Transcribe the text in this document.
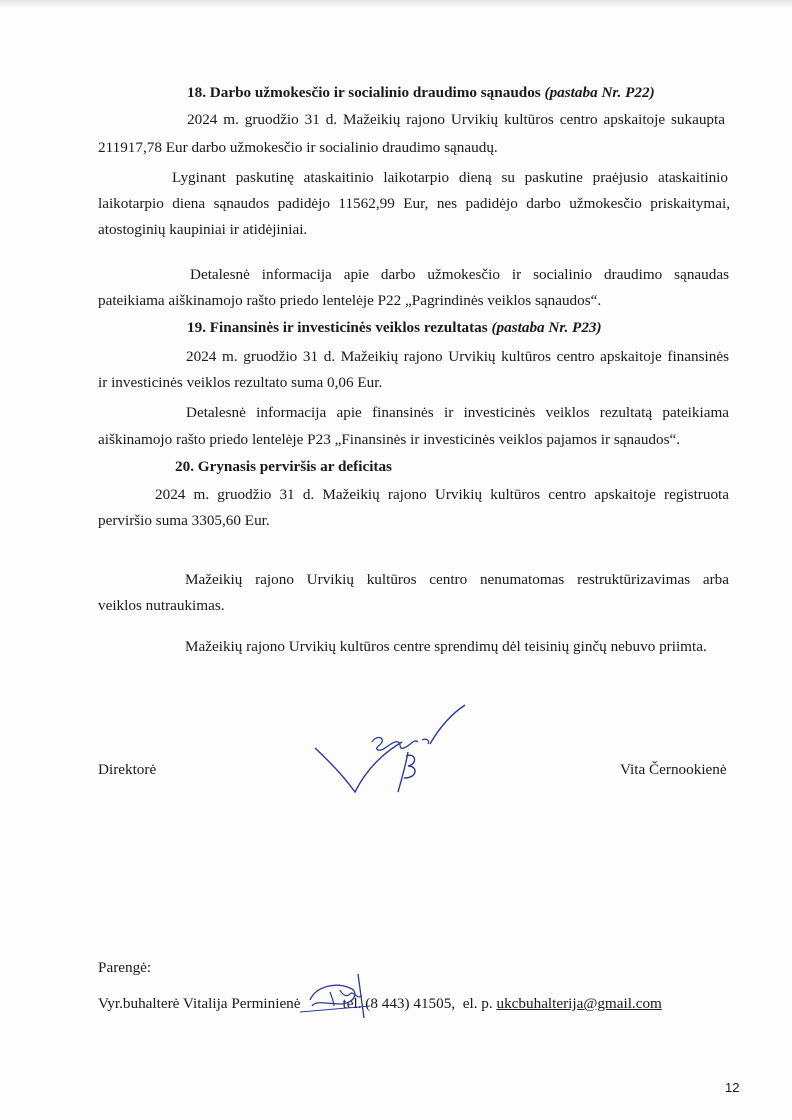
18. Darbo užmokesčio ir socialinio draudimo sąnaudos (pastaba Nr. P22)

2024 m. gruodžio 31 d. Mažeikių rajono Urvikių kultūros centro apskaitoje sukaupta

211917,78 Eur darbo užmokesčio ir socialinio draudimo sąnaudų.

Lyginant paskutinę ataskaitinio laikotarpio dieną su paskutine praėjusio ataskaitinio

laikotarpio diena sąnaudos padidėjo 11562,99 Eur, nes padidėjo darbo užmokesčio priskaitymai,

atostoginių kaupiniai ir atidėjiniai.

Detalesnė informacija apie darbo užmokesčio ir socialinio draudimo sąnaudas

pateikiama aiškinamojo rašto priedo lentelėje P22 „Pagrindinės veiklos sąnaudos“.

19. Finansinės ir investicinės veiklos rezultatas (pastaba Nr. P23)

2024 m. gruodžio 31 d. Mažeikių rajono Urvikių kultūros centro apskaitoje finansinės

ir investicinės veiklos rezultato suma 0,06 Eur.

Detalesnė informacija apie finansinės ir investicinės veiklos rezultatą pateikiama

aiškinamojo rašto priedo lentelėje P23 „Finansinės ir investicinės veiklos pajamos ir sąnaudos“.

20. Grynasis perviršis ar deficitas

2024 m. gruodžio 31 d. Mažeikių rajono Urvikių kultūros centro apskaitoje registruota

perviršio suma 3305,60 Eur.

Mažeikių rajono Urvikių kultūros centro nenumatomas restruktūrizavimas arba

veiklos nutraukimas.

Mažeikių rajono Urvikių kultūros centre sprendimų dėl teisinių ginčų nebuvo priimta.

Direktorė	Vita Černookienė

Parengė:

Vyr.buhalterė Vitalija Perminienė	tel. (8 443) 41505, el. p. ukcbuhalterija@gmail.com

12
